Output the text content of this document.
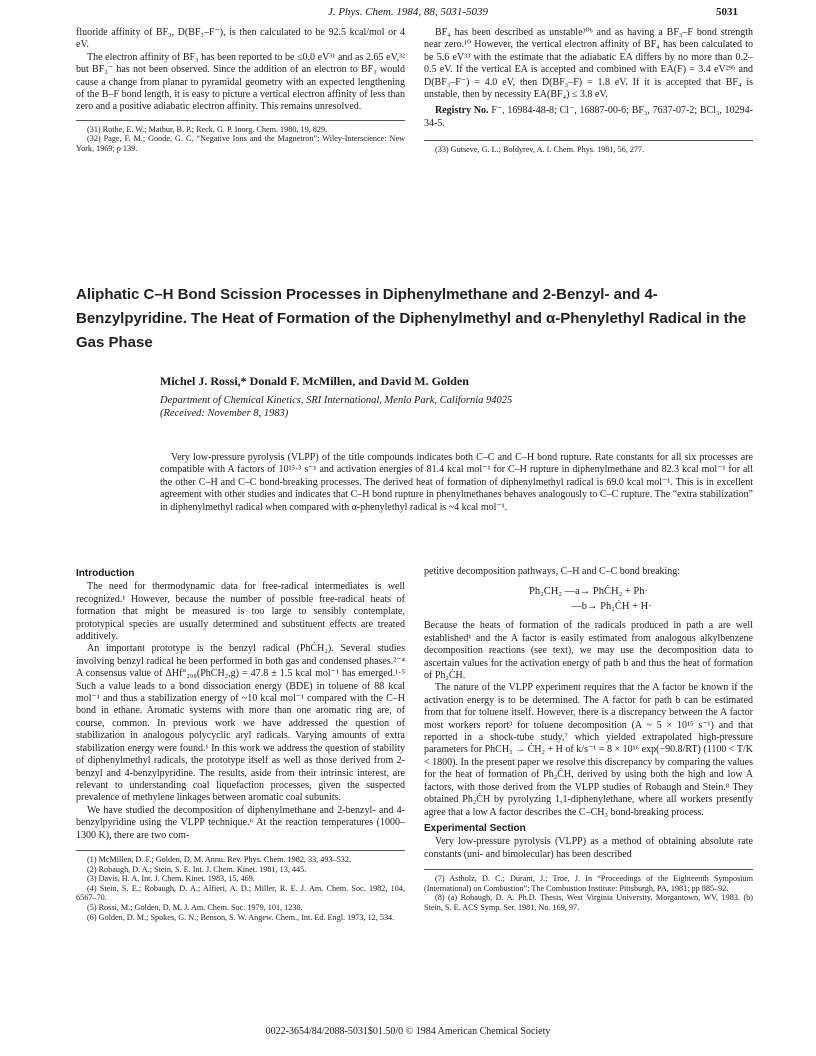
J. Phys. Chem. 1984, 88, 5031-5039	5031

fluoride affinity of BF₃, D(BF₃–F⁻), is then calculated to be 92.5 kcal/mol or 4 eV.

The electron affinity of BF₃ has been reported to be ≤0.0 eV³¹ and as 2.65 eV,³² but BF₃⁻ has not been observed. Since the addition of an electron to BF₃ would cause a change from planar to pyramidal geometry with an expected lengthening of the B–F bond length, it is easy to picture a vertical electron affinity of less than zero and a positive adiabatic electron affinity. This remains unresolved.

(31) Rothe, E. W.; Mathur, B. P.; Reck, G. P. Inorg. Chem. 1980, 19, 829.
(32) Page, F. M.; Goode, G. C. “Negative Ions and the Magnetron”; Wiley-Interscience: New York, 1969; p 139.

BF₄ has been described as unstable³⁰ᵇ and as having a BF₃–F bond strength near zero.¹⁰ However, the vertical electron affinity of BF₄ has been calculated to be 5.6 eV³³ with the estimate that the adiabatic EA differs by no more than 0.2–0.5 eV. If the vertical EA is accepted and combined with EA(F) = 3.4 eV²⁹ᵇ and D(BF₃–F⁻) = 4.0 eV, then D(BF₃–F) = 1.8 eV. If it is accepted that BF₄ is unstable, then by necessity EA(BF₄) ≤ 3.8 eV.

Registry No. F⁻, 16984-48-8; Cl⁻, 16887-00-6; BF₃, 7637-07-2; BCl₃, 10294-34-5.

(33) Gutseve, G. L.; Boldyrev, A. I. Chem. Phys. 1981, 56, 277.
Aliphatic C–H Bond Scission Processes in Diphenylmethane and 2-Benzyl- and 4-Benzylpyridine. The Heat of Formation of the Diphenylmethyl and α-Phenylethyl Radical in the Gas Phase
Michel J. Rossi,* Donald F. McMillen, and David M. Golden
Department of Chemical Kinetics, SRI International, Menlo Park, California 94025
(Received: November 8, 1983)
Very low-pressure pyrolysis (VLPP) of the title compounds indicates both C–C and C–H bond rupture. Rate constants for all six processes are compatible with A factors of 10¹⁵·³ s⁻¹ and activation energies of 81.4 kcal mol⁻¹ for C–H rupture in diphenylmethane and 82.3 kcal mol⁻¹ for all the other C–H and C–C bond-breaking processes. The derived heat of formation of diphenylmethyl radical is 69.0 kcal mol⁻¹. This is in excellent agreement with other studies and indicates that C–H bond rupture in phenylmethanes behaves analogously to C–C rupture. The “extra stabilization” in diphenylmethyl radical when compared with α-phenylethyl radical is ~4 kcal mol⁻¹.
Introduction

The need for thermodynamic data for free-radical intermediates is well recognized.¹ However, because the number of possible free-radical heats of formation that might be measured is too large to sensibly contemplate, prototypical species are usually determined and substituent effects are treated additively.

An important prototype is the benzyl radical (PhĊH₂). Several studies involving benzyl radical he been performed in both gas and condensed phases.²⁻⁴ A consensus value of ΔHf°₂₉₈(PhCH₂,g) = 47.8 ± 1.5 kcal mol⁻¹ has emerged.¹·⁵ Such a value leads to a bond dissociation energy (BDE) in toluene of 88 kcal mol⁻¹ and thus a stabilization energy of ~10 kcal mol⁻¹ compared with the C–H bond in ethane. Aromatic systems with more than one aromatic ring are, of course, common. In previous work we have addressed the question of stabilization in analogous polycyclic aryl radicals. Varying amounts of extra stabilization energy were found.¹ In this work we address the question of stability of diphenylmethyl radicals, the prototype itself as well as those derived from 2-benzyl and 4-benzylpyridine. The results, aside from their intrinsic interest, are relevant to understanding coal liquefaction processes, given the suspected prevalence of methylene linkages between aromatic coal subunits.

We have studied the decomposition of diphenylmethane and 2-benzyl- and 4-benzylpyridine using the VLPP technique.⁶ At the reaction temperatures (1000–1300 K), there are two com-

(1) McMillen, D. F.; Golden, D. M. Annu. Rev. Phys. Chem. 1982, 33, 493–532.
(2) Robaugh, D. A.; Stein, S. E. Int. J. Chem. Kinet. 1981, 13, 445.
(3) Davis, H. A. Int. J. Chem. Kinet. 1983, 15, 469.
(4) Stein, S. E.; Robaugh, D. A.; Alfieri, A. D.; Miller, R. E. J. Am. Chem. Soc. 1982, 104, 6567–70.
(5) Rossi, M.; Golden, D. M. J. Am. Chem. Soc. 1979, 101, 1230.
(6) Golden, D. M.; Spokes, G. N.; Benson, S. W. Angew. Chem., Int. Ed. Engl. 1973, 12, 534.

petitive decomposition pathways, C–H and C–C bond breaking:

Ph₂CH₂ —a→ PhĊH₂ + Ph·
—b→ Ph₂ĊH + H·

Because the heats of formation of the radicals produced in path a are well established¹ and the A factor is easily estimated from analogous alkylbenzene decomposition reactions (see text), we may use the decomposition data to ascertain values for the activation energy of path b and thus the heat of formation of Ph₂ĊH.

The nature of the VLPP experiment requires that the A factor be known if the activation energy is to be determined. The A factor for path b can be estimated from that for toluene itself. However, there is a discrepancy between the A factor most workers report³ for toluene decomposition (A ~ 5 × 10¹⁵ s⁻¹) and that reported in a shock-tube study,⁷ which yielded extrapolated high-pressure parameters for PhCH₃ → ĊH₂ + H of k/s⁻¹ = 8 × 10¹⁶ exp(−90.8/RT) (1100 < T/K < 1800). In the present paper we resolve this discrepancy by comparing the values for the heat of formation of Ph₂ĊH, derived by using both the high and low A factors, with those derived from the VLPP studies of Robaugh and Stein.⁸ They obtained Ph₂ĊH by pyrolyzing 1,1-diphenylethane, where all workers presently agree that a low A factor describes the C–CH₃ bond-breaking process.

Experimental Section

Very low-pressure pyrolysis (VLPP) as a method of obtaining absolute rate constants (uni- and bimolecular) has been described

(7) Astholz, D. C.; Durant, J.; Troe, J. In “Proceedings of the Eighteenth Symposium (International) on Combustion”; The Combustion Institute: Pittsburgh, PA, 1981; pp 885–92.
(8) (a) Robaugh, D. A. Ph.D. Thesis, West Virginia University, Morgantown, WV, 1983. (b) Stein, S. E. ACS Symp. Ser. 1981, No. 169, 97.
0022-3654/84/2088-5031$01.50/0 © 1984 American Chemical Society
